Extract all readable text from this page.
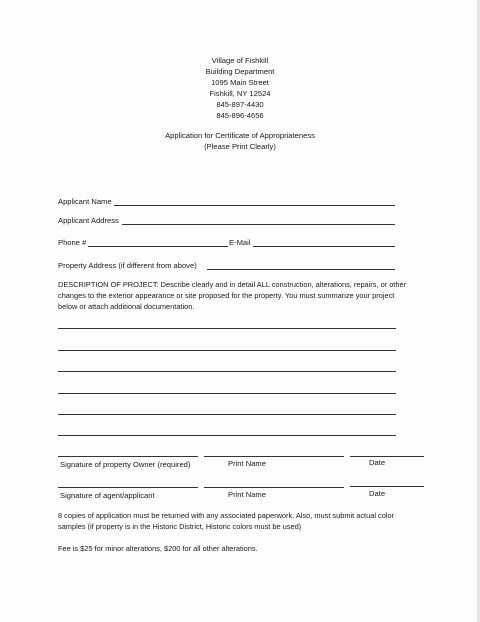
Village of Fishkill
Building Department
1095 Main Street
Fishkill, NY 12524
845-897-4430
845-896-4656
Application for Certificate of Appropriateness
(Please Print Clearly)
Applicant Name
Applicant Address
Phone #	E-Mail
Property Address (if different from above)
DESCRIPTION OF PROJECT: Describe clearly and in detail ALL construction, alterations, repairs, or other
changes to the exterior appearance or site proposed for the property. You must summarize your project
below or attach additional documentation.
Signature of property Owner (required)	Print Name	Date
Signature of agent/applicant	Print Name	Date
8 copies of application must be returned with any associated paperwork. Also, must submit actual color
samples (if property is in the Historic District, Historic colors must be used)
Fee is $25 for minor alterations, $200 for all other alterations.
